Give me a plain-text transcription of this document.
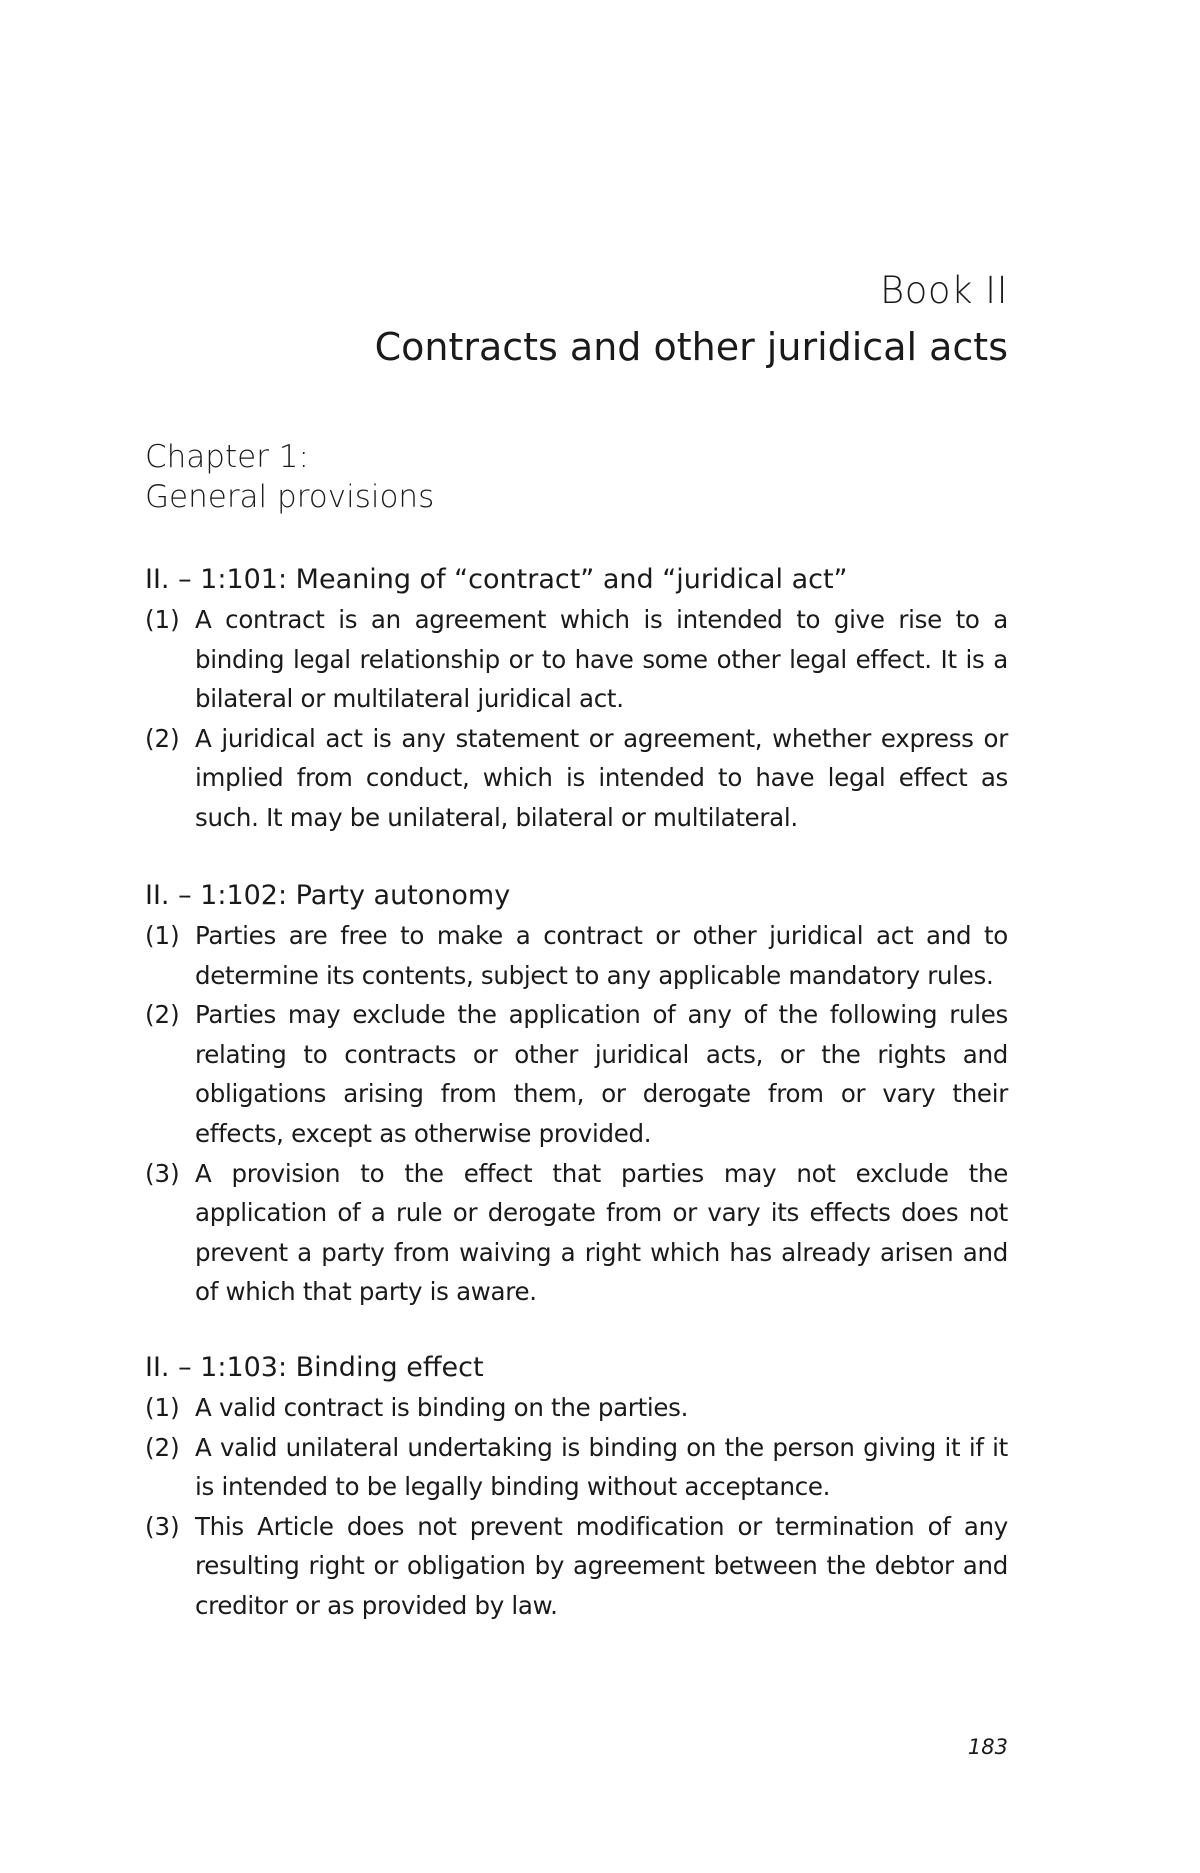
Book II
Contracts and other juridical acts
Chapter 1:
General provisions
II. – 1:101: Meaning of “contract” and “juridical act”
(1) A contract is an agreement which is intended to give rise to a binding legal relationship or to have some other legal effect. It is a bilateral or multilateral juridical act.
(2) A juridical act is any statement or agreement, whether express or implied from conduct, which is intended to have legal effect as such. It may be unilateral, bilateral or multilateral.
II. – 1:102: Party autonomy
(1) Parties are free to make a contract or other juridical act and to determine its contents, subject to any applicable mandatory rules.
(2) Parties may exclude the application of any of the following rules relating to contracts or other juridical acts, or the rights and obligations arising from them, or derogate from or vary their effects, except as otherwise provided.
(3) A provision to the effect that parties may not exclude the application of a rule or derogate from or vary its effects does not prevent a party from waiving a right which has already arisen and of which that party is aware.
II. – 1:103: Binding effect
(1) A valid contract is binding on the parties.
(2) A valid unilateral undertaking is binding on the person giving it if it is intended to be legally binding without acceptance.
(3) This Article does not prevent modification or termination of any resulting right or obligation by agreement between the debtor and creditor or as provided by law.
183
